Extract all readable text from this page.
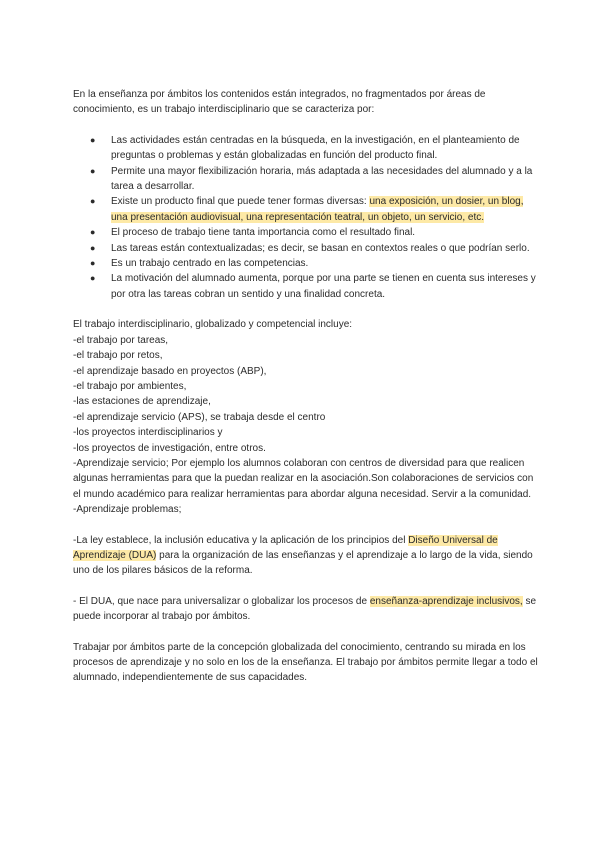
En la enseñanza por ámbitos los contenidos están integrados, no fragmentados por áreas de conocimiento, es un trabajo interdisciplinario que se caracteriza por:

● Las actividades están centradas en la búsqueda, en la investigación, en el planteamiento de preguntas o problemas y están globalizadas en función del producto final.
● Permite una mayor flexibilización horaria, más adaptada a las necesidades del alumnado y a la tarea a desarrollar.
● Existe un producto final que puede tener formas diversas: una exposición, un dosier, un blog, una presentación audiovisual, una representación teatral, un objeto, un servicio, etc.
● El proceso de trabajo tiene tanta importancia como el resultado final.
● Las tareas están contextualizadas; es decir, se basan en contextos reales o que podrían serlo.
● Es un trabajo centrado en las competencias.
● La motivación del alumnado aumenta, porque por una parte se tienen en cuenta sus intereses y por otra las tareas cobran un sentido y una finalidad concreta.
El trabajo interdisciplinario, globalizado y competencial incluye:
-el trabajo por tareas,
-el trabajo por retos,
-el aprendizaje basado en proyectos (ABP),
-el trabajo por ambientes,
-las estaciones de aprendizaje,
-el aprendizaje servicio (APS), se trabaja desde el centro
-los proyectos interdisciplinarios y
-los proyectos de investigación, entre otros.
-Aprendizaje servicio; Por ejemplo los alumnos colaboran con centros de diversidad para que realicen algunas herramientas para que la puedan realizar en la asociación.Son colaboraciones de servicios con el mundo académico para realizar herramientas para abordar alguna necesidad. Servir a la comunidad.
-Aprendizaje problemas;

-La ley establece, la inclusión educativa y la aplicación de los principios del Diseño Universal de Aprendizaje (DUA) para la organización de las enseñanzas y el aprendizaje a lo largo de la vida, siendo uno de los pilares básicos de la reforma.

- El DUA, que nace para universalizar o globalizar los procesos de enseñanza-aprendizaje inclusivos, se puede incorporar al trabajo por ámbitos.

Trabajar por ámbitos parte de la concepción globalizada del conocimiento, centrando su mirada en los procesos de aprendizaje y no solo en los de la enseñanza. El trabajo por ámbitos permite llegar a todo el alumnado, independientemente de sus capacidades.
